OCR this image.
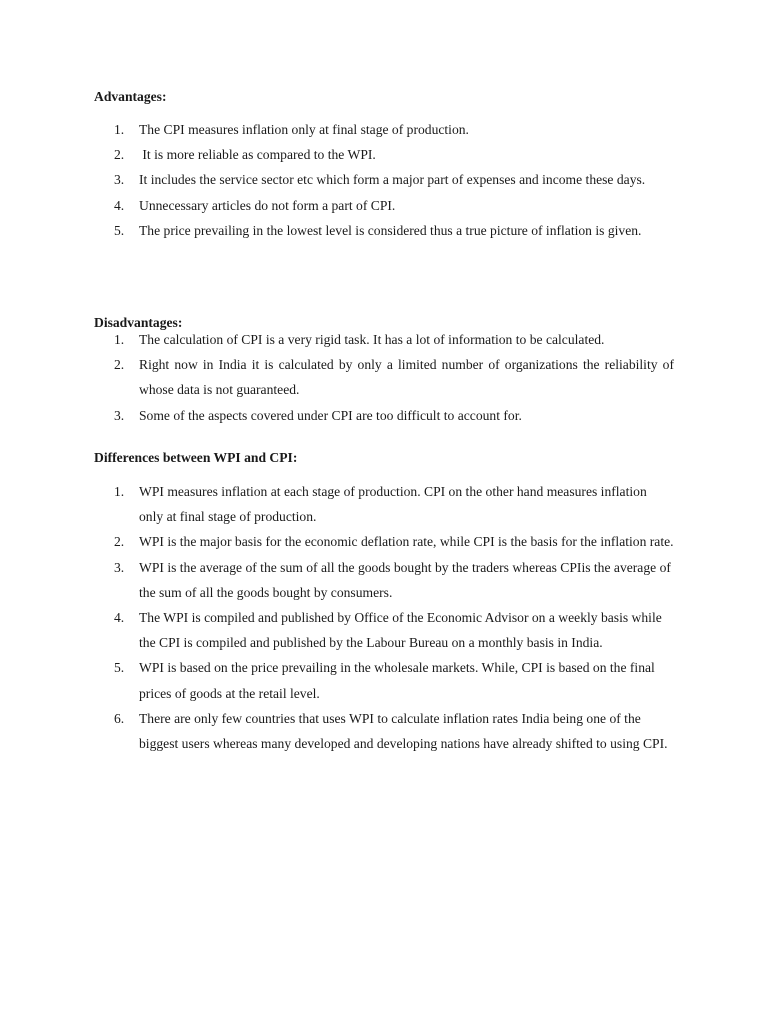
Advantages:
1. The CPI measures inflation only at final stage of production.
2. It is more reliable as compared to the WPI.
3. It includes the service sector etc which form a major part of expenses and income these days.
4. Unnecessary articles do not form a part of CPI.
5. The price prevailing in the lowest level is considered thus a true picture of inflation is given.
Disadvantages:
1. The calculation of CPI is a very rigid task. It has a lot of information to be calculated.
2. Right now in India it is calculated by only a limited number of organizations the reliability of whose data is not guaranteed.
3. Some of the aspects covered under CPI are too difficult to account for.
Differences between WPI and CPI:
1. WPI measures inflation at each stage of production. CPI on the other hand measures inflation only at final stage of production.
2. WPI is the major basis for the economic deflation rate, while CPI is the basis for the inflation rate.
3. WPI is the average of the sum of all the goods bought by the traders whereas CPIis the average of the sum of all the goods bought by consumers.
4. The WPI is compiled and published by Office of the Economic Advisor on a weekly basis while the CPI is compiled and published by the Labour Bureau on a monthly basis in India.
5. WPI is based on the price prevailing in the wholesale markets. While, CPI is based on the final prices of goods at the retail level.
6. There are only few countries that uses WPI to calculate inflation rates India being one of the biggest users whereas many developed and developing nations have already shifted to using CPI.
